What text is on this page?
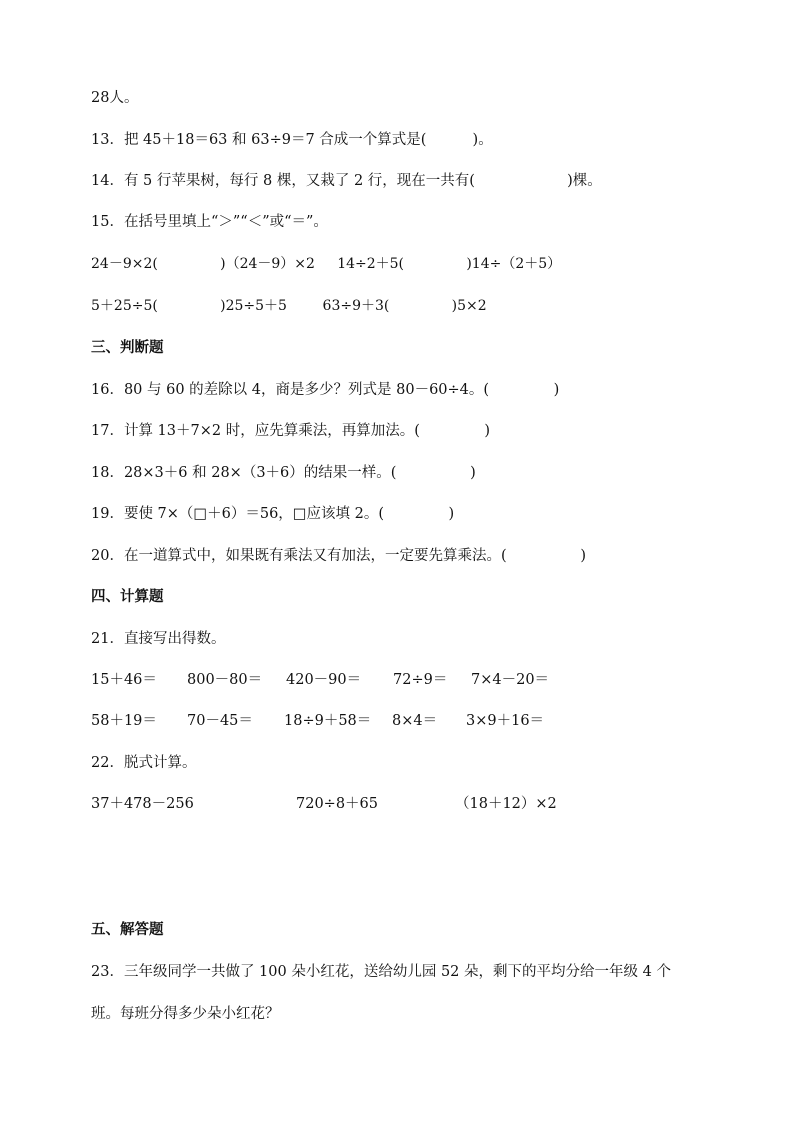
28人。
13．把 45＋18＝63 和 63÷9＝7 合成一个算式是(          )。
14．有 5 行苹果树，每行 8 棵，又栽了 2 行，现在一共有(                    )棵。
15．在括号里填上“＞”“＜”或“＝”。
24－9×2(              )（24－9）×2     14÷2＋5(              )14÷（2＋5）
5＋25÷5(              )25÷5＋5        63÷9＋3(              )5×2
三、判断题
16．80 与 60 的差除以 4，商是多少？列式是 80－60÷4。(              )
17．计算 13＋7×2 时，应先算乘法，再算加法。(              )
18．28×3＋6 和 28×（3＋6）的结果一样。(                )
19．要使 7×（□＋6）＝56，□应该填 2。(              )
20．在一道算式中，如果既有乘法又有加法，一定要先算乘法。(                )
四、计算题
21．直接写出得数。
15＋46＝ 800－80＝ 420－90＝ 72÷9＝ 7×4－20＝
58＋19＝ 70－45＝ 18÷9＋58＝ 8×4＝ 3×9＋16＝
22．脱式计算。
37＋478－256	720÷8＋65	（18＋12）×2
五、解答题
23．三年级同学一共做了 100 朵小红花，送给幼儿园 52 朵，剩下的平均分给一年级 4 个
班。每班分得多少朵小红花？
